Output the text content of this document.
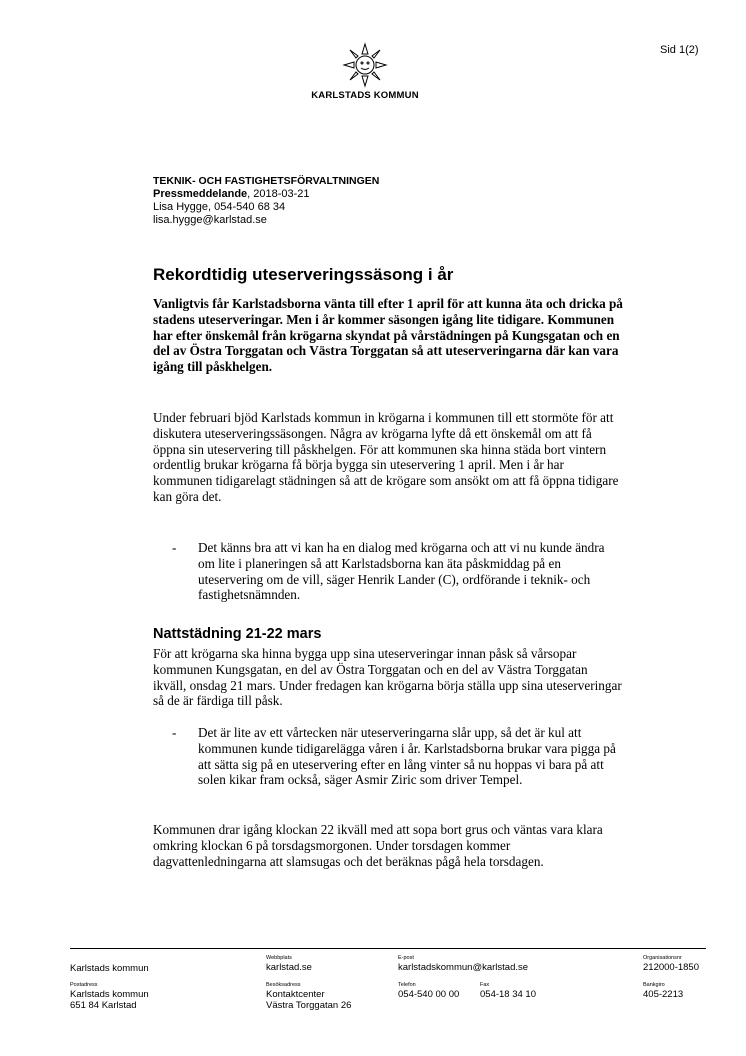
Sid 1(2)
KARLSTADS KOMMUN
TEKNIK- OCH FASTIGHETSFÖRVALTNINGEN
Pressmeddelande, 2018-03-21
Lisa Hygge, 054-540 68 34
lisa.hygge@karlstad.se
Rekordtidig uteserveringssäsong i år

Vanligtvis får Karlstadsborna vänta till efter 1 april för att kunna äta och dricka på stadens uteserveringar. Men i år kommer säsongen igång lite tidigare. Kommunen har efter önskemål från krögarna skyndat på vårstädningen på Kungsgatan och en del av Östra Torggatan och Västra Torggatan så att uteserveringarna där kan vara igång till påskhelgen.

Under februari bjöd Karlstads kommun in krögarna i kommunen till ett stormöte för att diskutera uteserveringssäsongen. Några av krögarna lyfte då ett önskemål om att få öppna sin uteservering till påskhelgen. För att kommunen ska hinna städa bort vintern ordentlig brukar krögarna få börja bygga sin uteservering 1 april. Men i år har kommunen tidigarelagt städningen så att de krögare som ansökt om att få öppna tidigare kan göra det.

-	Det känns bra att vi kan ha en dialog med krögarna och att vi nu kunde ändra om lite i planeringen så att Karlstadsborna kan äta påskmiddag på en uteservering om de vill, säger Henrik Lander (C), ordförande i teknik- och fastighetsnämnden.
Nattstädning 21-22 mars

För att krögarna ska hinna bygga upp sina uteserveringar innan påsk så vårsopar kommunen Kungsgatan, en del av Östra Torggatan och en del av Västra Torggatan ikväll, onsdag 21 mars. Under fredagen kan krögarna börja ställa upp sina uteserveringar så de är färdiga till påsk.

-	Det är lite av ett vårtecken när uteserveringarna slår upp, så det är kul att kommunen kunde tidigarelägga våren i år. Karlstadsborna brukar vara pigga på att sätta sig på en uteservering efter en lång vinter så nu hoppas vi bara på att solen kikar fram också, säger Asmir Ziric som driver Tempel.

Kommunen drar igång klockan 22 ikväll med att sopa bort grus och väntas vara klara omkring klockan 6 på torsdagsmorgonen. Under torsdagen kommer dagvattenledningarna att slamsugas och det beräknas pågå hela torsdagen.

Karlstads kommun
Webbplats
karlstad.se
E-post
karlstadskommun@karlstad.se
Organisationsnr
212000-1850
Postadress
Karlstads kommun
651 84 Karlstad
Besöksadress
Kontaktcenter
Västra Torggatan 26
Telefon
054-540 00 00
Fax
054-18 34 10
Bankgiro
405-2213
